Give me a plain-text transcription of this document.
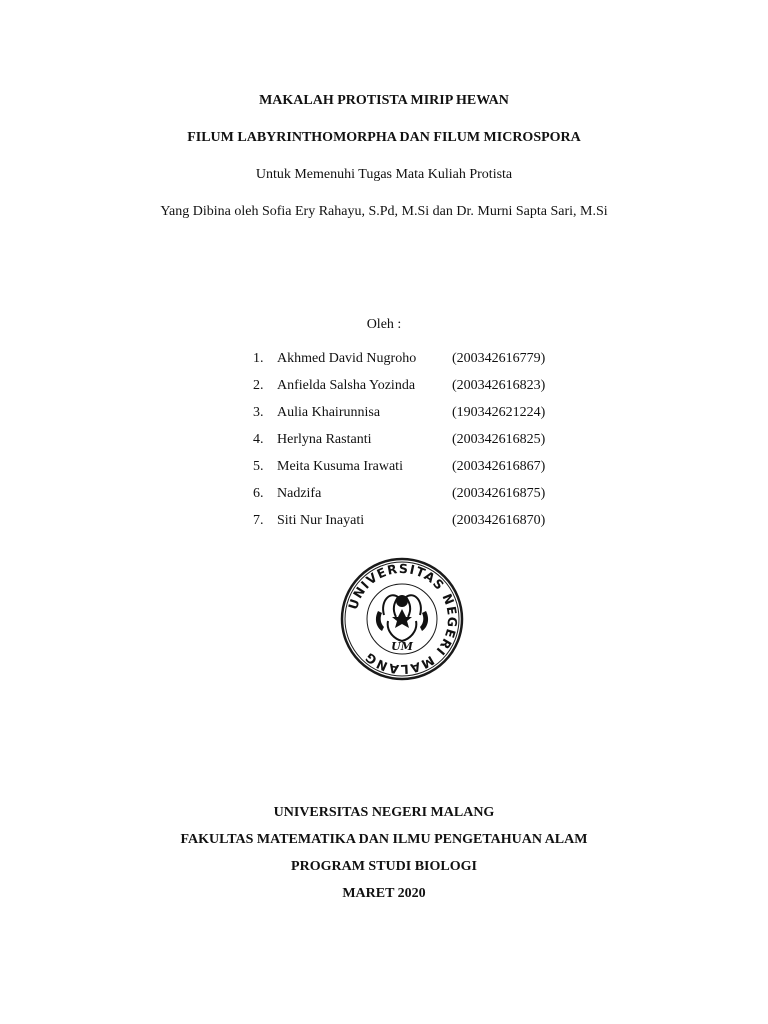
MAKALAH PROTISTA MIRIP HEWAN
FILUM LABYRINTHOMORPHA DAN FILUM MICROSPORA
Untuk Memenuhi Tugas Mata Kuliah Protista
Yang Dibina oleh Sofia Ery Rahayu, S.Pd, M.Si dan Dr. Murni Sapta Sari, M.Si
Oleh :
1. Akhmed David Nugroho	(200342616779)
2. Anfielda Salsha Yozinda	(200342616823)
3. Aulia Khairunnisa	(190342621224)
4. Herlyna Rastanti	(200342616825)
5. Meita Kusuma Irawati	(200342616867)
6. Nadzifa	(200342616875)
7. Siti Nur Inayati	(200342616870)
UNIVERSITAS NEGERI MALANG
UM
UNIVERSITAS NEGERI MALANG
FAKULTAS MATEMATIKA DAN ILMU PENGETAHUAN ALAM
PROGRAM STUDI BIOLOGI
MARET 2020
